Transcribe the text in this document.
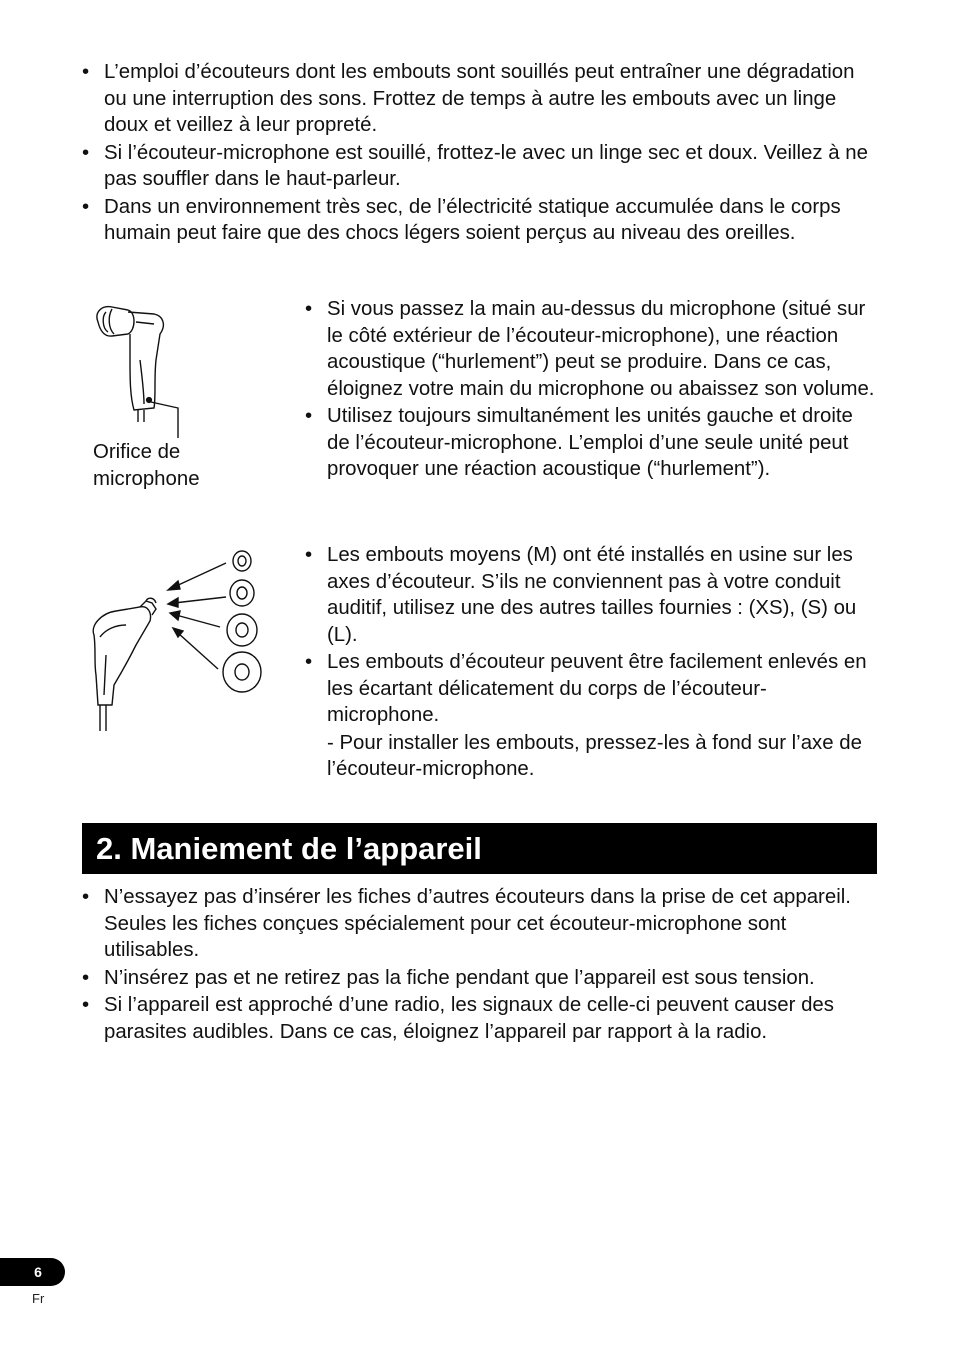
• L’emploi d’écouteurs dont les embouts sont souillés peut entraîner une dégradation ou une interruption des sons. Frottez de temps à autre les embouts avec un linge doux et veillez à leur propreté.
• Si l’écouteur-microphone est souillé, frottez-le avec un linge sec et doux. Veillez à ne pas souffler dans le haut-parleur.
• Dans un environnement très sec, de l’électricité statique accumulée dans le corps humain peut faire que des chocs légers soient perçus au niveau des oreilles.
Orifice de microphone
• Si vous passez la main au-dessus du microphone (situé sur le côté extérieur de l’écouteur-microphone), une réaction acoustique (“hurlement”) peut se produire. Dans ce cas, éloignez votre main du microphone ou abaissez son volume.
• Utilisez toujours simultanément les unités gauche et droite de l’écouteur-microphone. L’emploi d’une seule unité peut provoquer une réaction acoustique (“hurlement”).
• Les embouts moyens (M) ont été installés en usine sur les axes d’écouteur. S’ils ne conviennent pas à votre conduit auditif, utilisez une des autres tailles fournies : (XS), (S) ou (L).
• Les embouts d’écouteur peuvent être facilement enlevés en les écartant délicatement du corps de l’écouteur-microphone.
- Pour installer les embouts, pressez-les à fond sur l’axe de l’écouteur-microphone.
2. Maniement de l’appareil
• N’essayez pas d’insérer les fiches d’autres écouteurs dans la prise de cet appareil. Seules les fiches conçues spécialement pour cet écouteur-microphone sont utilisables.
• N’insérez pas et ne retirez pas la fiche pendant que l’appareil est sous tension.
• Si l’appareil est approché d’une radio, les signaux de celle-ci peuvent causer des parasites audibles. Dans ce cas, éloignez l’appareil par rapport à la radio.
6
Fr
